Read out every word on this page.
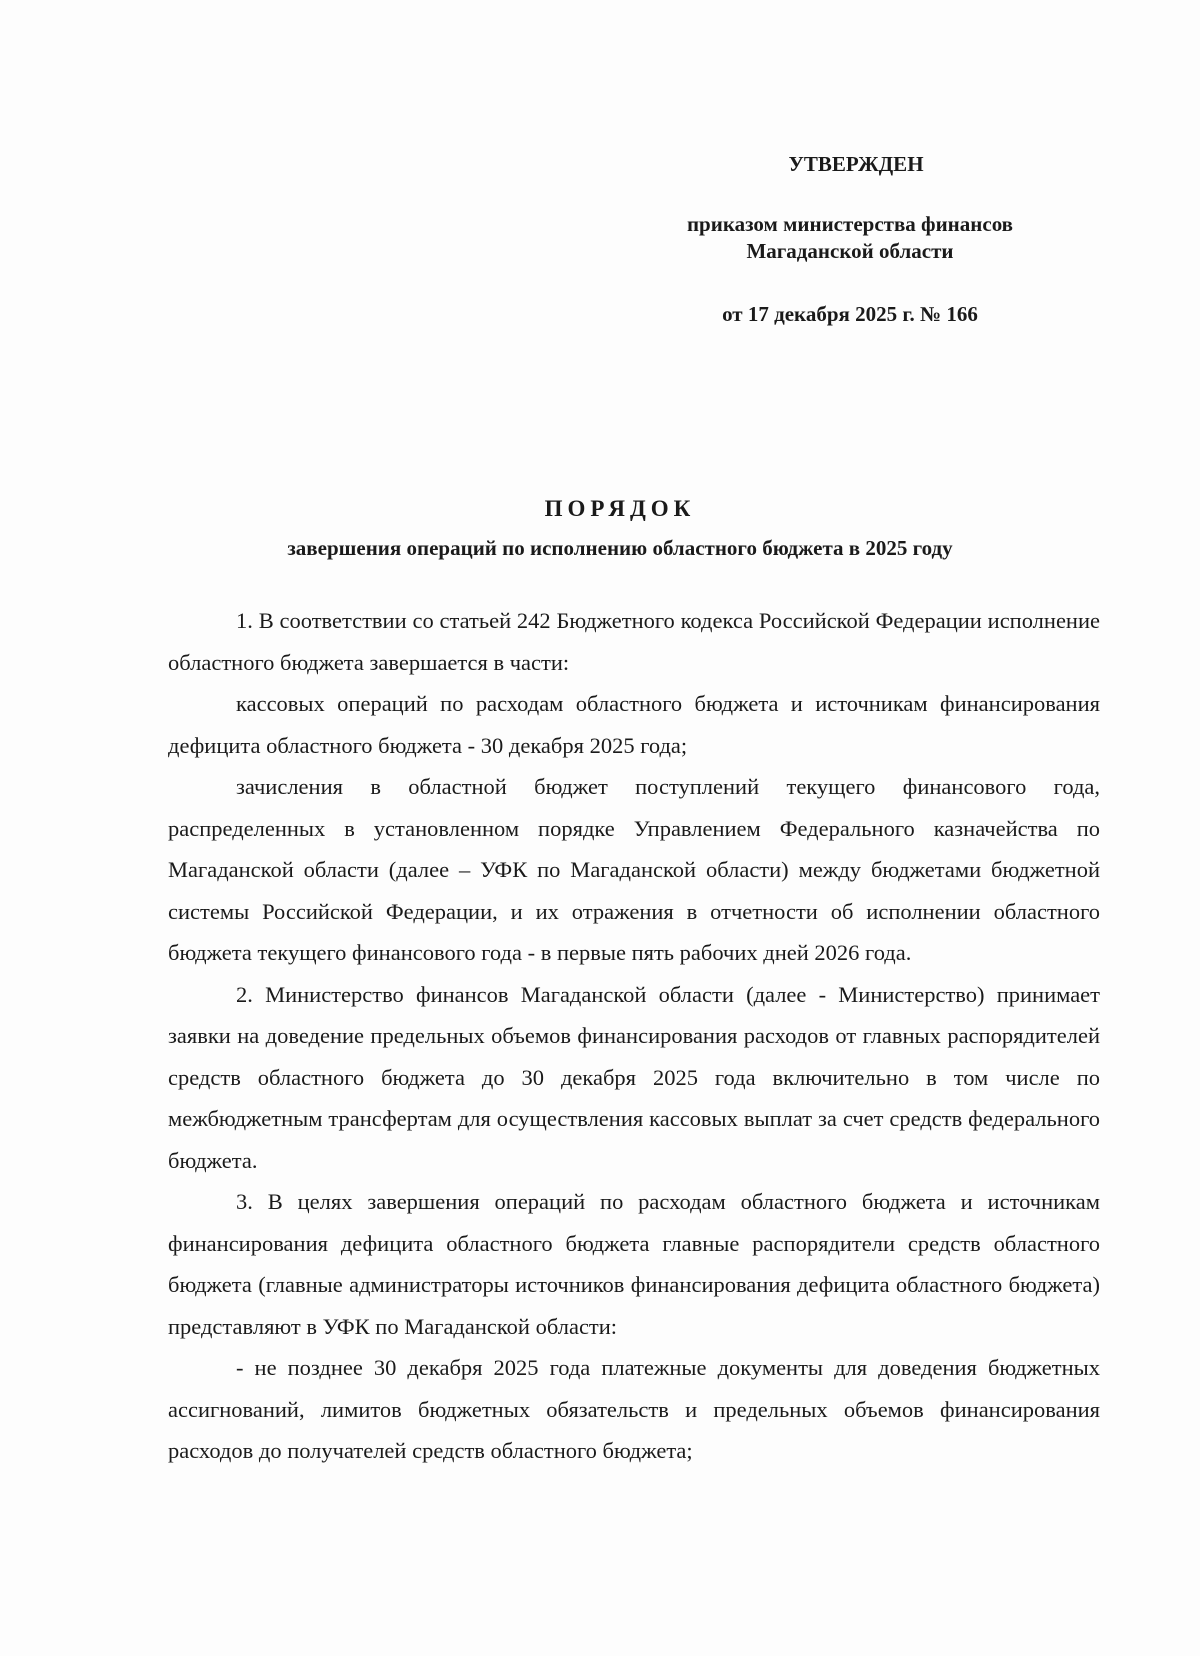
УТВЕРЖДЕН

приказом министерства финансов

Магаданской области

от 17 декабря 2025 г. № 166

ПОРЯДОК

завершения операций по исполнению областного бюджета в 2025 году

1. В соответствии со статьей 242 Бюджетного кодекса Российской Федерации исполнение областного бюджета завершается в части:

кассовых операций по расходам областного бюджета и источникам финансирования дефицита областного бюджета - 30 декабря 2025 года;

зачисления в областной бюджет поступлений текущего финансового года, распределенных в установленном порядке Управлением Федерального казначейства по Магаданской области (далее – УФК по Магаданской области) между бюджетами бюджетной системы Российской Федерации, и их отражения в отчетности об исполнении областного бюджета текущего финансового года - в первые пять рабочих дней 2026 года.

2. Министерство финансов Магаданской области (далее - Министерство) принимает заявки на доведение предельных объемов финансирования расходов от главных распорядителей средств областного бюджета до 30 декабря 2025 года включительно в том числе по межбюджетным трансфертам для осуществления кассовых выплат за счет средств федерального бюджета.

3. В целях завершения операций по расходам областного бюджета и источникам финансирования дефицита областного бюджета главные распорядители средств областного бюджета (главные администраторы источников финансирования дефицита областного бюджета) представляют в УФК по Магаданской области:

- не позднее 30 декабря 2025 года платежные документы для доведения бюджетных ассигнований, лимитов бюджетных обязательств и предельных объемов финансирования расходов до получателей средств областного бюджета;
